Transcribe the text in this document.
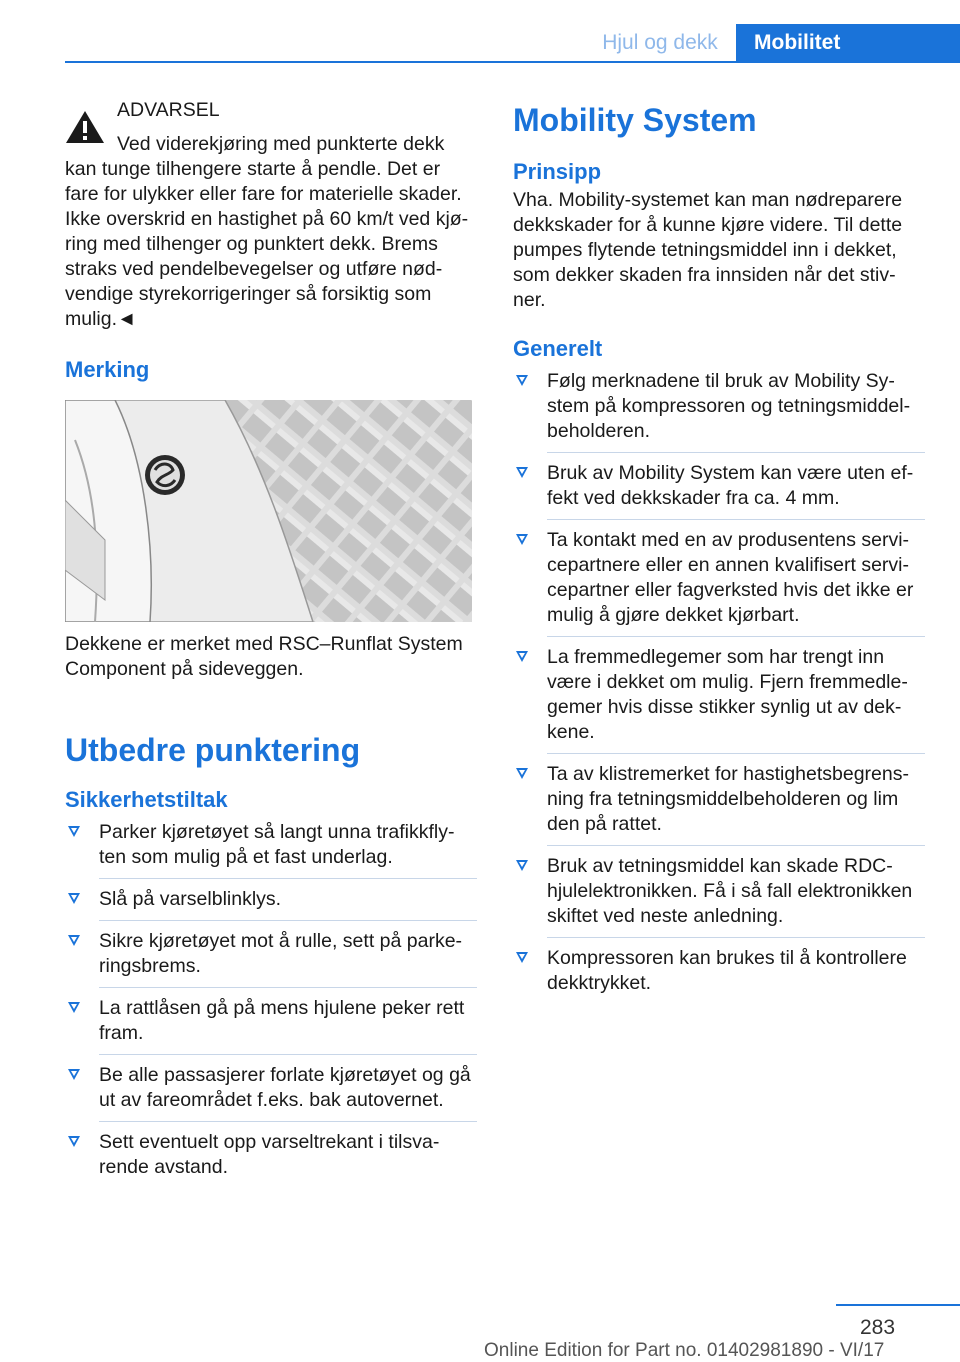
Hjul og dekk	Mobilitet
ADVARSEL
Ved viderekjøring med punkterte dekk
kan tunge tilhengere starte å pendle. Det er fare for ulykker eller fare for materielle skader. Ikke overskrid en hastighet på 60 km/t ved kjø-ring med tilhenger og punktert dekk. Brems straks ved pendelbevegelser og utføre nød-vendige styrekorrigeringer så forsiktig som mulig.◄
Merking
Dekkene er merket med RSC–Runflat System Component på sideveggen.
Utbedre punktering
Sikkerhetstiltak
Parker kjøretøyet så langt unna trafikkfly-ten som mulig på et fast underlag.
Slå på varselblinklys.
Sikre kjøretøyet mot å rulle, sett på parke-ringsbrems.
La rattlåsen gå på mens hjulene peker rett fram.
Be alle passasjerer forlate kjøretøyet og gå ut av fareområdet f.eks. bak autovernet.
Sett eventuelt opp varseltrekant i tilsva-rende avstand.
Mobility System
Prinsipp
Vha. Mobility-systemet kan man nødreparere dekkskader for å kunne kjøre videre. Til dette pumpes flytende tetningsmiddel inn i dekket, som dekker skaden fra innsiden når det stiv-ner.
Generelt
Følg merknadene til bruk av Mobility Sy-stem på kompressoren og tetningsmiddel-beholderen.
Bruk av Mobility System kan være uten ef-fekt ved dekkskader fra ca. 4 mm.
Ta kontakt med en av produsentens servi-cepartnere eller en annen kvalifisert servi-cepartner eller fagverksted hvis det ikke er mulig å gjøre dekket kjørbart.
La fremmedlegemer som har trengt inn være i dekket om mulig. Fjern fremmedle-gemer hvis disse stikker synlig ut av dek-kene.
Ta av klistremerket for hastighetsbegrens-ning fra tetningsmiddelbeholderen og lim den på rattet.
Bruk av tetningsmiddel kan skade RDC-hjulelektronikken. Få i så fall elektronikken skiftet ved neste anledning.
Kompressoren kan brukes til å kontrollere dekktrykket.
283
Online Edition for Part no. 01402981890 - VI/17
